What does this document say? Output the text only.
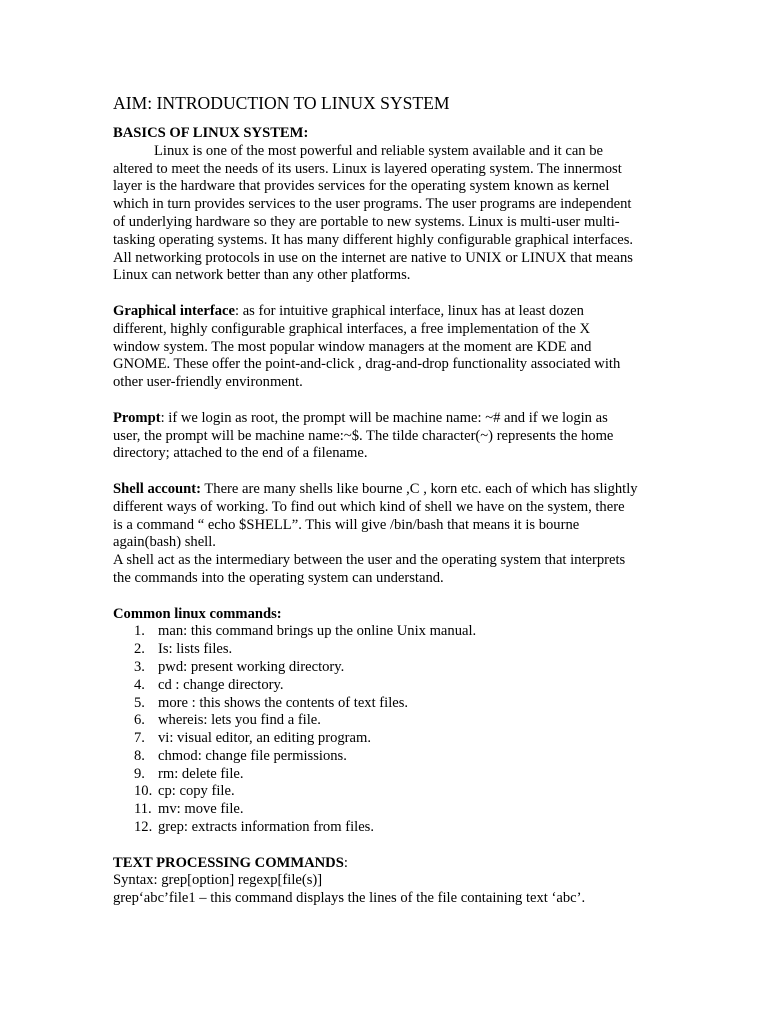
AIM: INTRODUCTION TO LINUX SYSTEM
BASICS OF LINUX SYSTEM:

Linux is one of the most powerful and reliable system available and it can be

altered to meet the needs of its users. Linux is layered operating system. The innermost

layer is the hardware that provides services for the operating system known as kernel

which in turn provides services to the user programs. The user programs are independent

of underlying hardware so they are portable to new systems. Linux is multi-user multi-

tasking operating systems. It has many different highly configurable graphical interfaces.

All networking protocols in use on the internet are native to UNIX or LINUX that means

Linux can network better than any other platforms.

Graphical interface: as for intuitive graphical interface, linux has at least dozen

different, highly configurable graphical interfaces, a free implementation of the X

window system. The most popular window managers at the moment are KDE and

GNOME. These offer the point-and-click , drag-and-drop functionality associated with

other user-friendly environment.

Prompt: if we login as root, the prompt will be machine name: ~# and if we login as

user, the prompt will be machine name:~$. The tilde character(~) represents the home

directory; attached to the end of a filename.

Shell account: There are many shells like bourne ,C , korn etc. each of which has slightly

different ways of working. To find out which kind of shell we have on the system, there

is a command “ echo $SHELL”. This will give /bin/bash that means it is bourne

again(bash) shell.

A shell act as the intermediary between the user and the operating system that interprets

the commands into the operating system can understand.

Common linux commands:
1. man: this command brings up the online Unix manual.
2. Is: lists files.
3. pwd: present working directory.
4. cd : change directory.
5. more : this shows the contents of text files.
6. whereis: lets you find a file.
7. vi: visual editor, an editing program.
8. chmod: change file permissions.
9. rm: delete file.
10. cp: copy file.
11. mv: move file.
12. grep: extracts information from files.
TEXT PROCESSING COMMANDS:

Syntax: grep[option] regexp[file(s)]

grep‘abc’file1 – this command displays the lines of the file containing text ‘abc’.
